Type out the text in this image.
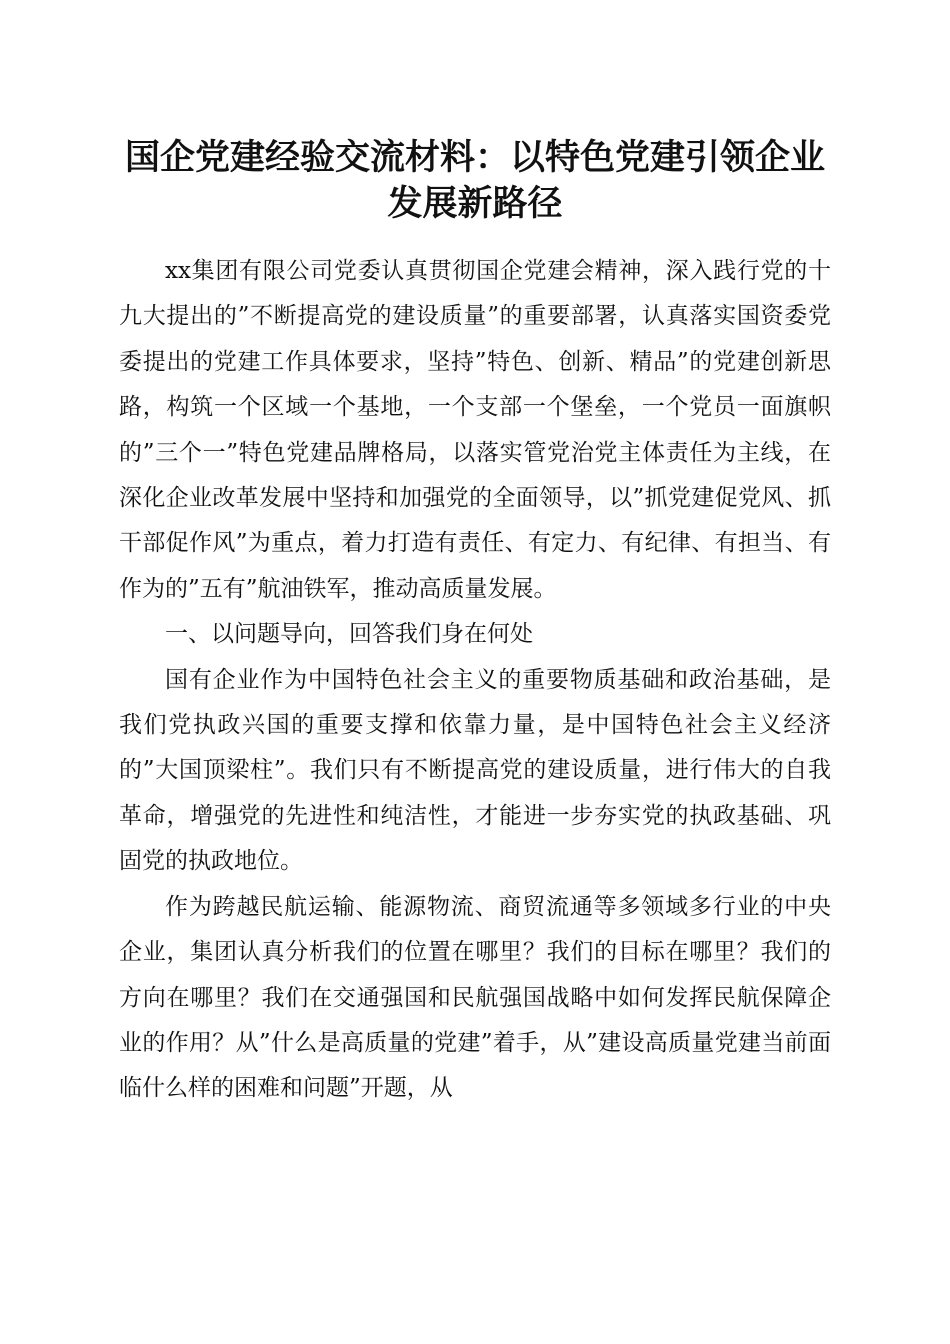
国企党建经验交流材料：以特色党建引领企业
发展新路径

xx集团有限公司党委认真贯彻国企党建会精神，深入践行党的十九大提出的”不断提高党的建设质量”的重要部署，认真落实国资委党委提出的党建工作具体要求，坚持”特色、创新、精品”的党建创新思路，构筑一个区域一个基地，一个支部一个堡垒，一个党员一面旗帜的”三个一”特色党建品牌格局，以落实管党治党主体责任为主线，在深化企业改革发展中坚持和加强党的全面领导，以”抓党建促党风、抓干部促作风”为重点，着力打造有责任、有定力、有纪律、有担当、有作为的”五有”航油铁军，推动高质量发展。

一、以问题导向，回答我们身在何处

国有企业作为中国特色社会主义的重要物质基础和政治基础，是我们党执政兴国的重要支撑和依靠力量，是中国特色社会主义经济的”大国顶梁柱”。我们只有不断提高党的建设质量，进行伟大的自我革命，增强党的先进性和纯洁性，才能进一步夯实党的执政基础、巩固党的执政地位。

作为跨越民航运输、能源物流、商贸流通等多领域多行业的中央企业，集团认真分析我们的位置在哪里？我们的目标在哪里？我们的方向在哪里？我们在交通强国和民航强国战略中如何发挥民航保障企业的作用？从”什么是高质量的党建”着手，从”建设高质量党建当前面临什么样的困难和问题”开题，从
